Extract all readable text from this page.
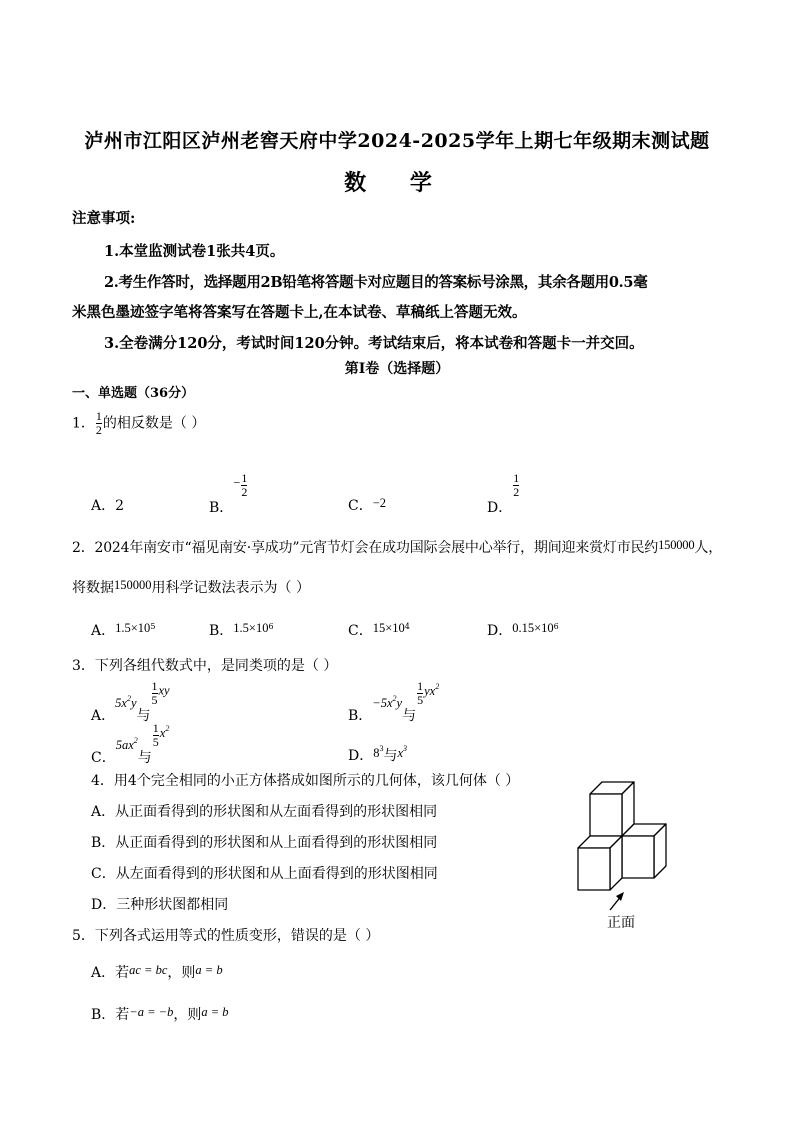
泸州市江阳区泸州老窖天府中学2024-2025学年上期七年级期末测试题
数 学
注意事项:
1.本堂监测试卷1张共4页。
2.考生作答时，选择题用2B铅笔将答题卡对应题目的答案标号涂黑，其余各题用0.5毫
米黑色墨迹签字笔将答案写在答题卡上,在本试卷、草稿纸上答题无效。
3.全卷满分120分，考试时间120分钟。考试结束后，将本试卷和答题卡一并交回。
第Ⅰ卷（选择题）
一、单选题（36分）
1． $\frac{1}{2}$ 的相反数是（ ）
A．2	B．− $\frac{1}{2}$
C．−2	D．
$\frac{1}{2}$
2．2024年南安市“福见南安·享成功”元宵节灯会在成功国际会展中心举行，期间迎来赏灯市民约150000人，
将数据150000用科学记数法表示为（ ）
A．$1.5\times 10^5$	B．$1.5\times 10^6$	C．$15\times 10^4$	D．$0.15\times 10^6$
3．下列各组代数式中，是同类项的是（ ）
A．$5x^2y$与
$\frac{1}{5}$ xy
B．$-5x^2y$与
$\frac{1}{5} yx^2$
C．$5ax^2$与
$\frac{1}{5} x^2$
D．$8^3$与$x^3$
4．用4个完全相同的小正方体搭成如图所示的几何体，该几何体（ ）
A．从正面看得到的形状图和从左面看得到的形状图相同
B．从正面看得到的形状图和从上面看得到的形状图相同
C．从左面看得到的形状图和从上面看得到的形状图相同
D．三种形状图都相同
正面
5．下列各式运用等式的性质变形，错误的是（ ）
A．若ac = bc，则a = b
B．若−a = −b，则a = b
